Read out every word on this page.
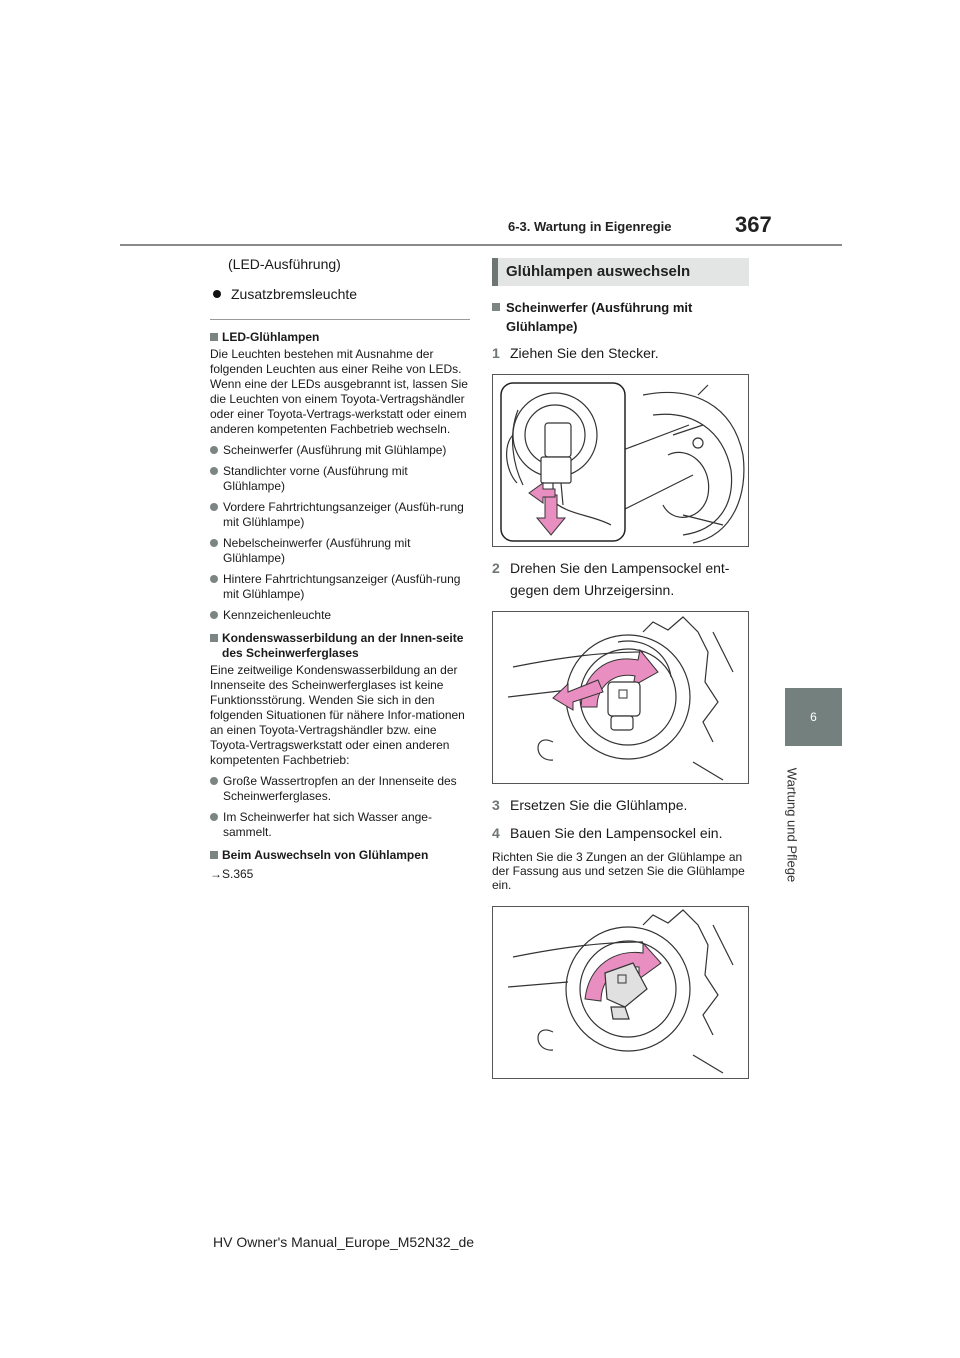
6-3. Wartung in Eigenregie	367
6
Wartung und Pflege
(LED-Ausführung)
Zusatzbremsleuchte
LED-Glühlampen
Die Leuchten bestehen mit Ausnahme der folgenden Leuchten aus einer Reihe von LEDs. Wenn eine der LEDs ausgebrannt ist, lassen Sie die Leuchten von einem Toyota-Vertragshändler oder einer Toyota-Vertrags-werkstatt oder einem anderen kompetenten Fachbetrieb wechseln.
Scheinwerfer (Ausführung mit Glühlampe)
Standlichter vorne (Ausführung mit Glühlampe)
Vordere Fahrtrichtungsanzeiger (Ausfüh-rung mit Glühlampe)
Nebelscheinwerfer (Ausführung mit Glühlampe)
Hintere Fahrtrichtungsanzeiger (Ausfüh-rung mit Glühlampe)
Kennzeichenleuchte
Kondenswasserbildung an der Innen-seite des Scheinwerferglases
Eine zeitweilige Kondenswasserbildung an der Innenseite des Scheinwerferglases ist keine Funktionsstörung. Wenden Sie sich in den folgenden Situationen für nähere Infor-mationen an einen Toyota-Vertragshändler bzw. eine Toyota-Vertragswerkstatt oder einen anderen kompetenten Fachbetrieb:
Große Wassertropfen an der Innenseite des Scheinwerferglases.
Im Scheinwerfer hat sich Wasser ange-sammelt.
Beim Auswechseln von Glühlampen
→S.365
Glühlampen auswechseln
Scheinwerfer (Ausführung mit Glühlampe)
1 Ziehen Sie den Stecker.
2 Drehen Sie den Lampensockel ent-gegen dem Uhrzeigersinn.
3 Ersetzen Sie die Glühlampe.
4 Bauen Sie den Lampensockel ein.
Richten Sie die 3 Zungen an der Glühlampe an der Fassung aus und setzen Sie die Glühlampe ein.
HV Owner's Manual_Europe_M52N32_de
